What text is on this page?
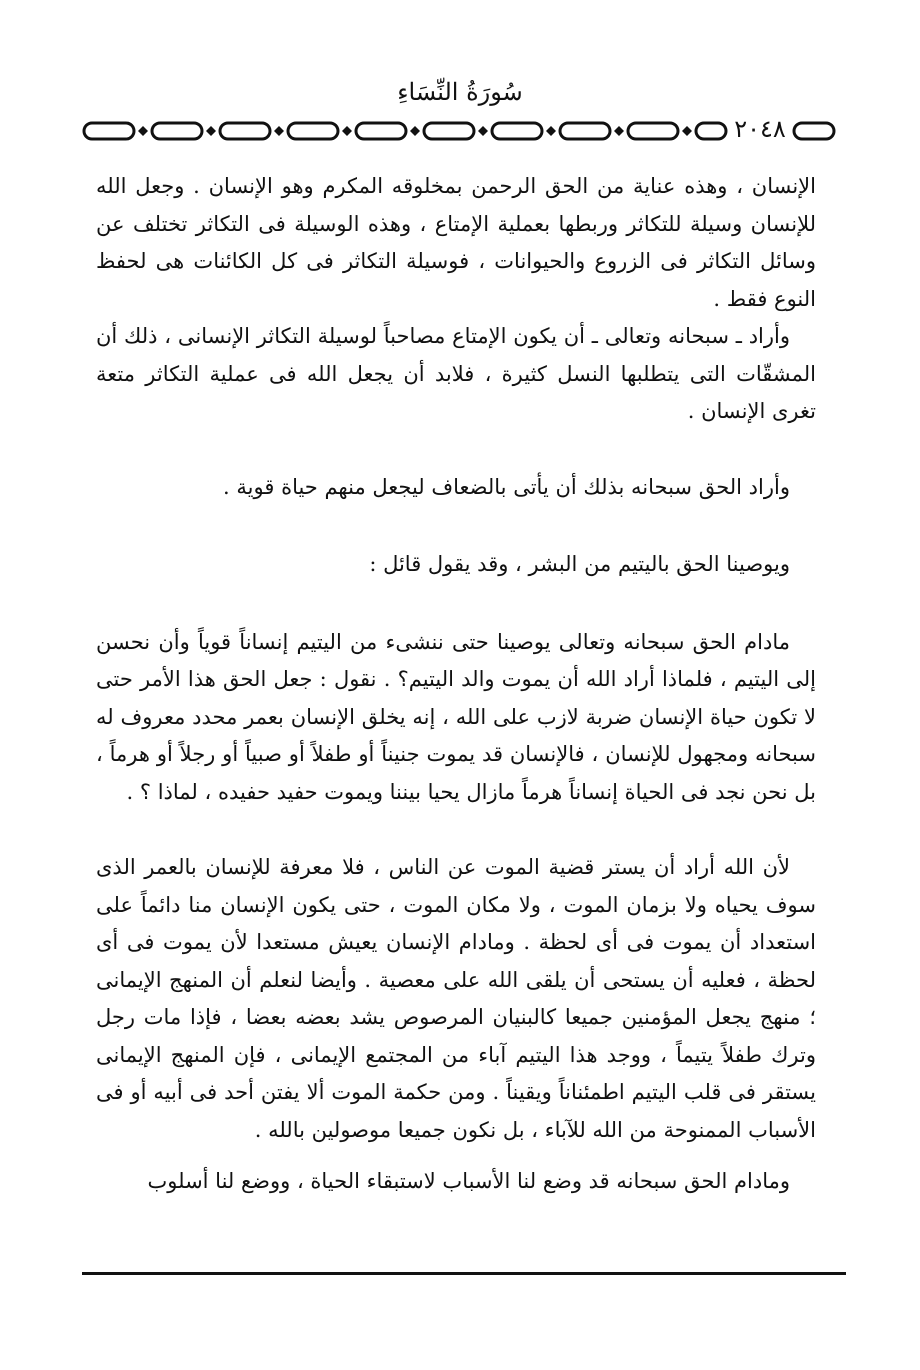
سُورَةُ النِّسَاءِ
٢٠٤٨

الإنسان ، وهذه عناية من الحق الرحمن بمخلوقه المكرم وهو الإنسان . وجعل الله للإنسان وسيلة للتكاثر وربطها بعملية الإمتاع ، وهذه الوسيلة فى التكاثر تختلف عن وسائل التكاثر فى الزروع والحيوانات ، فوسيلة التكاثر فى كل الكائنات هى لحفظ النوع فقط .

وأراد ـ سبحانه وتعالى ـ أن يكون الإمتاع مصاحباً لوسيلة التكاثر الإنسانى ، ذلك أن المشقّات التى يتطلبها النسل كثيرة ، فلابد أن يجعل الله فى عملية التكاثر متعة تغرى الإنسان .

وأراد الحق سبحانه بذلك أن يأتى بالضعاف ليجعل منهم حياة قوية .

ويوصينا الحق باليتيم من البشر ، وقد يقول قائل :

مادام الحق سبحانه وتعالى يوصينا حتى ننشىء من اليتيم إنساناً قوياً وأن نحسن إلى اليتيم ، فلماذا أراد الله أن يموت والد اليتيم؟ . نقول : جعل الحق هذا الأمر حتى لا تكون حياة الإنسان ضربة لازب على الله ، إنه يخلق الإنسان بعمر محدد معروف له سبحانه ومجهول للإنسان ، فالإنسان قد يموت جنيناً أو طفلاً أو صبياً أو رجلاً أو هرماً ، بل نحن نجد فى الحياة إنساناً هرماً مازال يحيا بيننا ويموت حفيد حفيده ، لماذا ؟ .

لأن الله أراد أن يستر قضية الموت عن الناس ، فلا معرفة للإنسان بالعمر الذى سوف يحياه ولا بزمان الموت ، ولا مكان الموت ، حتى يكون الإنسان منا دائماً على استعداد أن يموت فى أى لحظة . ومادام الإنسان يعيش مستعدا لأن يموت فى أى لحظة ، فعليه أن يستحى أن يلقى الله على معصية . وأيضا لنعلم أن المنهج الإيمانى ؛ منهج يجعل المؤمنين جميعا كالبنيان المرصوص يشد بعضه بعضا ، فإذا مات رجل وترك طفلاً يتيماً ، ووجد هذا اليتيم آباء من المجتمع الإيمانى ، فإن المنهج الإيمانى يستقر فى قلب اليتيم اطمئناناً ويقيناً . ومن حكمة الموت ألا يفتن أحد فى أبيه أو فى الأسباب الممنوحة من الله للآباء ، بل نكون جميعا موصولين بالله .

ومادام الحق سبحانه قد وضع لنا الأسباب لاستبقاء الحياة ، ووضع لنا أسلوب
